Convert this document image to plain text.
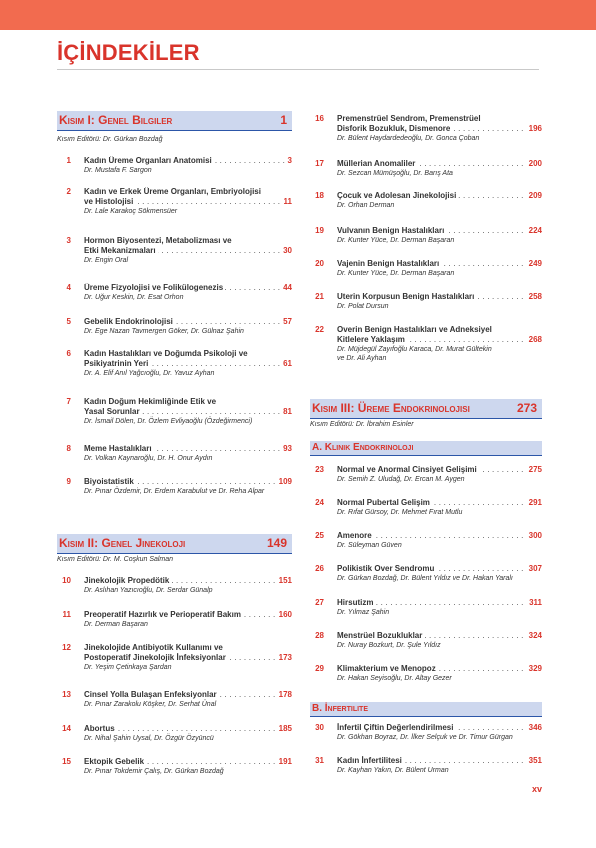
İÇİNDEKİLER
Kısım I: Genel Bilgiler	1
Kısım Editörü: Dr. Gürkan Bozdağ
1 Kadın Üreme Organları Anatomisi	3
. . .
Dr. Mustafa F. Sargon
2 Kadın ve Erkek Üreme Organları, Embriyolojisi
ve Histolojisi	11
. . .
Dr. Lale Karakoç Sökmensüer
3 Hormon Biyosentezi, Metabolizması ve
Etki Mekanizmaları	30
. . .
Dr. Engin Oral
4 Üreme Fizyolojisi ve Folikülogenezis	44
. . .
Dr. Uğur Keskin, Dr. Esat Orhon
5 Gebelik Endokrinolojisi	57
. . .
Dr. Ege Nazan Tavmergen Göker, Dr. Gülnaz Şahin
6 Kadın Hastalıkları ve Doğumda Psikoloji ve
Psikiyatrinin Yeri	61
. . .
Dr. A. Elif Anıl Yağcıoğlu, Dr. Yavuz Ayhan
7 Kadın Doğum Hekimliğinde Etik ve
Yasal Sorunlar	81
. . .
Dr. İsmail Dölen, Dr. Özlem Evliyaoğlu (Özdeğirmenci)
8 Meme Hastalıkları	93
. . .
Dr. Volkan Kaynaroğlu, Dr. H. Onur Aydın
9 Biyoistatistik	109
. . .
Dr. Pınar Özdemir, Dr. Erdem Karabulut ve Dr. Reha Alpar
Kısım II: Genel Jinekoloji	149
Kısım Editörü: Dr. M. Coşkun Salman
10 Jinekolojik Propedötik	151
. . .
Dr. Aslıhan Yazıcıoğlu, Dr. Serdar Günalp
11 Preoperatif Hazırlık ve Perioperatif Bakım	160
. . .
Dr. Derman Başaran
12 Jinekolojide Antibiyotik Kullanımı ve
Postoperatif Jinekolojik İnfeksiyonlar	173
. . .
Dr. Yeşim Çetinkaya Şardan
13 Cinsel Yolla Bulaşan Enfeksiyonlar	178
. . .
Dr. Pınar Zarakolu Köşker, Dr. Serhat Ünal
14 Abortus	185
. . .
Dr. Nihal Şahin Uysal, Dr. Özgür Özyüncü
15 Ektopik Gebelik	191
. . .
Dr. Pınar Tokdemir Çalış, Dr. Gürkan Bozdağ
16 Premenstrüel Sendrom, Premenstrüel
Disforik Bozukluk, Dismenore	196
. . .
Dr. Bülent Haydardedeoğlu, Dr. Gonca Çoban
17 Müllerian Anomaliler	200
. . .
Dr. Sezcan Mümüşoğlu, Dr. Barış Ata
18 Çocuk ve Adolesan Jinekolojisi	209
. . .
Dr. Orhan Derman
19 Vulvanın Benign Hastalıkları	224
. . .
Dr. Kunter Yüce, Dr. Derman Başaran
20 Vajenin Benign Hastalıkları	249
. . .
Dr. Kunter Yüce, Dr. Derman Başaran
21 Uterin Korpusun Benign Hastalıkları	258
. . .
Dr. Polat Dursun
22 Overin Benign Hastalıkları ve Adneksiyel
Kitlelere Yaklaşım	268
. . .
Dr. Müjdegül Zayıfoğlu Karaca, Dr. Murat Gültekin
ve Dr. Ali Ayhan
Kısım III: Üreme Endokrinolojisi	273
Kısım Editörü: Dr. İbrahim Esinler
A. Klinik Endokrinoloji
23 Normal ve Anormal Cinsiyet Gelişimi	275
. . .
Dr. Semih Z. Uludağ, Dr. Ercan M. Aygen
24 Normal Pubertal Gelişim	291
. . .
Dr. Rıfat Gürsoy, Dr. Mehmet Fırat Mutlu
25 Amenore	300
. . .
Dr. Süleyman Güven
26 Polikistik Over Sendromu	307
. . .
Dr. Gürkan Bozdağ, Dr. Bülent Yıldız ve Dr. Hakan Yaralı
27 Hirsutizm	311
. . .
Dr. Yılmaz Şahin
28 Menstrüel Bozukluklar	324
. . .
Dr. Nuray Bozkurt, Dr. Şule Yıldız
29 Klimakterium ve Menopoz	329
. . .
Dr. Hakan Seyisoğlu, Dr. Altay Gezer
B. İnfertilite
30 İnfertil Çiftin Değerlendirilmesi	346
. . .
Dr. Gökhan Boyraz, Dr. İlker Selçuk ve Dr. Timur Gürgan
31 Kadın İnfertilitesi	351
. . .
Dr. Kayhan Yakın, Dr. Bülent Urman
xv
